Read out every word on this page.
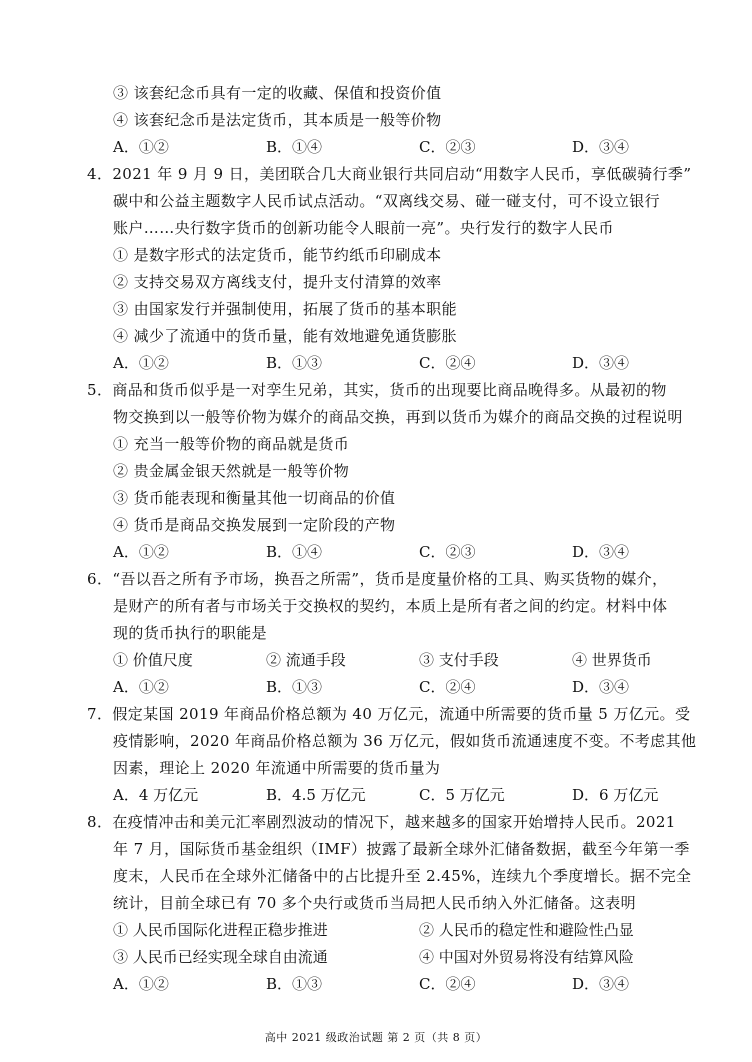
③ 该套纪念币具有一定的收藏、保值和投资价值
④ 该套纪念币是法定货币，其本质是一般等价物
A．①②	B．①④	C．②③	D．③④
4．2021 年 9 月 9 日，美团联合几大商业银行共同启动“用数字人民币，享低碳骑行季”
碳中和公益主题数字人民币试点活动。“双离线交易、碰一碰支付，可不设立银行
账户……央行数字货币的创新功能令人眼前一亮”。央行发行的数字人民币
① 是数字形式的法定货币，能节约纸币印刷成本
② 支持交易双方离线支付，提升支付清算的效率
③ 由国家发行并强制使用，拓展了货币的基本职能
④ 减少了流通中的货币量，能有效地避免通货膨胀
A．①②	B．①③	C．②④	D．③④
5．商品和货币似乎是一对孪生兄弟，其实，货币的出现要比商品晚得多。从最初的物
物交换到以一般等价物为媒介的商品交换，再到以货币为媒介的商品交换的过程说明
① 充当一般等价物的商品就是货币
② 贵金属金银天然就是一般等价物
③ 货币能表现和衡量其他一切商品的价值
④ 货币是商品交换发展到一定阶段的产物
A．①②	B．①④	C．②③	D．③④
6．“吾以吾之所有予市场，换吾之所需”，货币是度量价格的工具、购买货物的媒介，
是财产的所有者与市场关于交换权的契约，本质上是所有者之间的约定。材料中体
现的货币执行的职能是
① 价值尺度	② 流通手段	③ 支付手段	④ 世界货币
A．①②	B．①③	C．②④	D．③④
7．假定某国 2019 年商品价格总额为 40 万亿元，流通中所需要的货币量 5 万亿元。受
疫情影响，2020 年商品价格总额为 36 万亿元，假如货币流通速度不变。不考虑其他
因素，理论上 2020 年流通中所需要的货币量为
A．4 万亿元	B．4.5 万亿元	C．5 万亿元	D．6 万亿元
8．在疫情冲击和美元汇率剧烈波动的情况下，越来越多的国家开始增持人民币。2021
年 7 月，国际货币基金组织（IMF）披露了最新全球外汇储备数据，截至今年第一季
度末，人民币在全球外汇储备中的占比提升至 2.45%，连续九个季度增长。据不完全
统计，目前全球已有 70 多个央行或货币当局把人民币纳入外汇储备。这表明
① 人民币国际化进程正稳步推进	② 人民币的稳定性和避险性凸显
③ 人民币已经实现全球自由流通	④ 中国对外贸易将没有结算风险
A．①②	B．①③	C．②④	D．③④
高中 2021 级政治试题 第 2 页（共 8 页）
